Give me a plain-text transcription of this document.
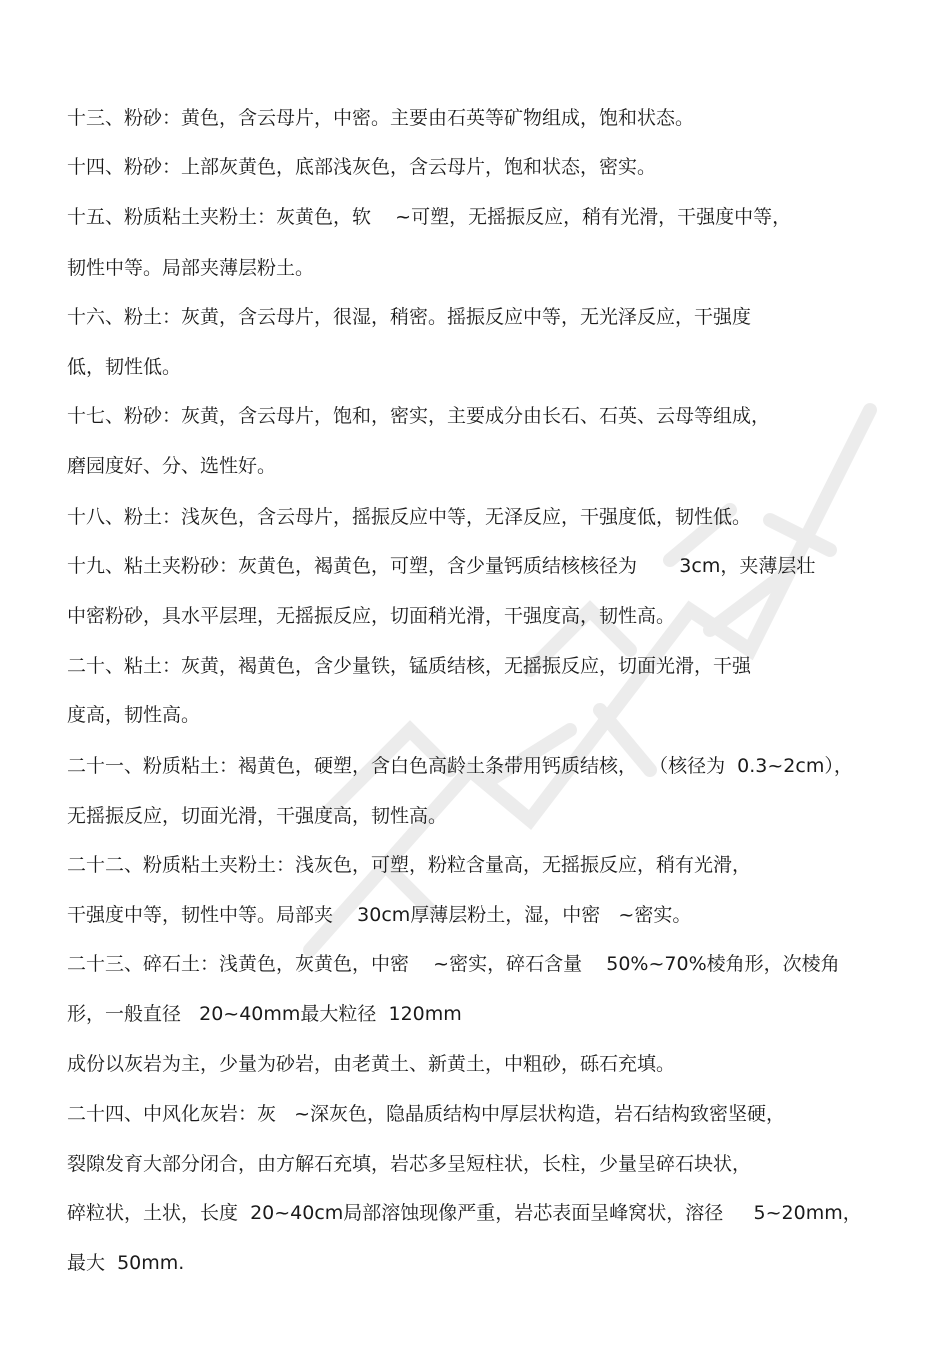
十三、粉砂：黄色，含云母片，中密。主要由石英等矿物组成，饱和状态。
十四、粉砂：上部灰黄色，底部浅灰色，含云母片，饱和状态，密实。
十五、粉质粘土夹粉土：灰黄色，软    ~可塑，无摇振反应，稍有光滑，干强度中等，
韧性中等。局部夹薄层粉土。
十六、粉土：灰黄，含云母片，很湿，稍密。摇振反应中等，无光泽反应，干强度
低，韧性低。
十七、粉砂：灰黄，含云母片，饱和，密实，主要成分由长石、石英、云母等组成，
磨园度好、分、选性好。
十八、粉土：浅灰色，含云母片，摇振反应中等，无泽反应，干强度低，韧性低。
十九、粘土夹粉砂：灰黄色，褐黄色，可塑，含少量钙质结核核径为       3cm，夹薄层壮
中密粉砂，具水平层理，无摇振反应，切面稍光滑，干强度高，韧性高。
二十、粘土：灰黄，褐黄色，含少量铁，锰质结核，无摇振反应，切面光滑，干强
度高，韧性高。
二十一、粉质粘土：褐黄色，硬塑，含白色高龄土条带用钙质结核，  （核径为  0.3~2cm），
无摇振反应，切面光滑，干强度高，韧性高。
二十二、粉质粘土夹粉土：浅灰色，可塑，粉粒含量高，无摇振反应，稍有光滑，
干强度中等，韧性中等。局部夹    30cm厚薄层粉土，湿，中密   ~密实。
二十三、碎石土：浅黄色，灰黄色，中密    ~密实，碎石含量    50%~70%棱角形，次棱角
形，一般直径   20~40mm最大粒径  120mm
成份以灰岩为主，少量为砂岩，由老黄土、新黄土，中粗砂，砾石充填。
二十四、中风化灰岩：灰   ~深灰色，隐晶质结构中厚层状构造，岩石结构致密坚硬，
裂隙发育大部分闭合，由方解石充填，岩芯多呈短柱状，长柱，少量呈碎石块状，
碎粒状，土状，长度  20~40cm局部溶蚀现像严重，岩芯表面呈峰窝状，溶径     5~20mm，
最大  50mm.
